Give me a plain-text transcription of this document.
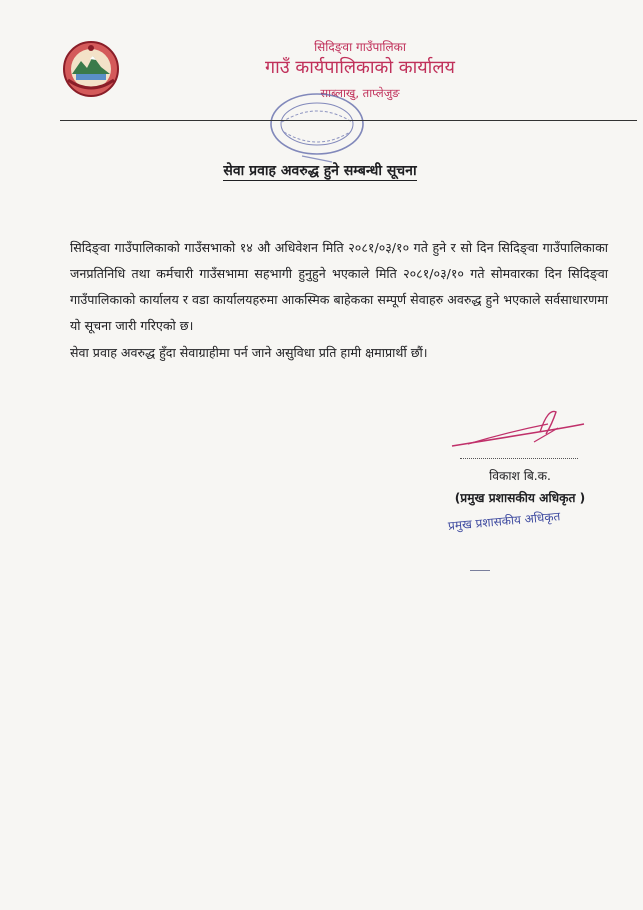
सिदिङ्वा गाउँपालिका
गाउँ कार्यपालिकाको कार्यालय
साब्लाखु, ताप्लेजुङ
सेवा प्रवाह अवरुद्ध हुने सम्बन्धी सूचना
सिदिङ्वा गाउँपालिकाको गाउँसभाको १४ औ अधिवेशन मिति २०८१/०३/१० गते हुने र सो दिन सिदिङ्वा गाउँपालिकाका जनप्रतिनिधि तथा कर्मचारी गाउँसभामा सहभागी हुनुहुने भएकाले मिति २०८१/०३/१० गते सोमवारका दिन सिदिङ्वा गाउँपालिकाको कार्यालय र वडा कार्यालयहरुमा आकस्मिक बाहेकका सम्पूर्ण सेवाहरु अवरुद्ध हुने भएकाले सर्वसाधारणमा यो सूचना जारी गरिएको छ।
सेवा प्रवाह अवरुद्ध हुँदा सेवाग्राहीमा पर्न जाने असुविधा प्रति हामी क्षमाप्रार्थी छौं।
विकाश बि.क.
(प्रमुख प्रशासकीय अधिकृत )
प्रमुख प्रशासकीय अधिकृत
